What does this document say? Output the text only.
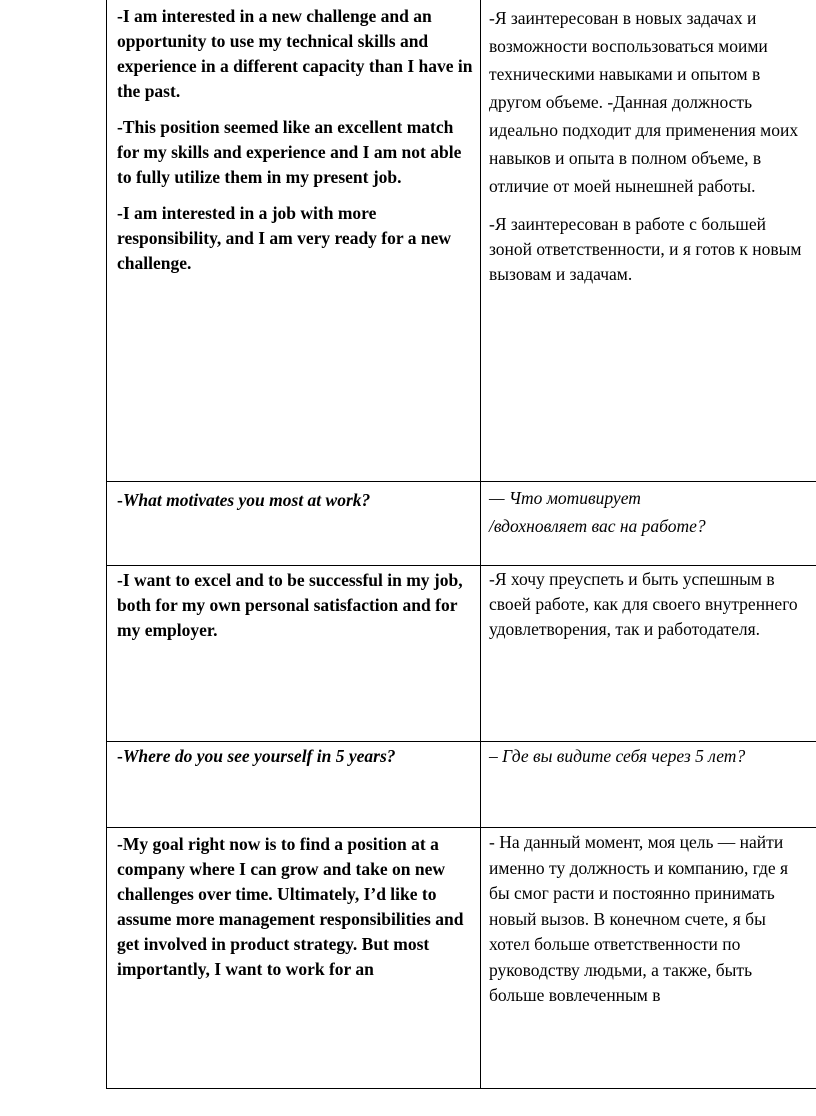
-I am interested in a new challenge and an opportunity to use my technical skills and experience in a different capacity than I have in the past.

-This position seemed like an excellent match for my skills and experience and I am not able to fully utilize them in my present job.

-I am interested in a job with more responsibility, and I am very ready for a new challenge.

-Я заинтересован в новых задачах и
возможности воспользоваться моими
техническими навыками и опытом в
другом объеме. -Данная должность
идеально подходит для применения моих
навыков и опыта в полном объеме, в
отличие от моей нынешней работы.
-Я заинтересован в работе с большей
зоной ответственности, и я готов к новым
вызовам и задачам.
-What motivates you most at work?	— Что мотивирует
/вдохновляет вас на работе?

-I want to excel and to be successful in my job, both for my own personal satisfaction and for my employer.

-Я хочу преуспеть и быть успешным в
своей работе, как для своего внутреннего
удовлетворения, так и работодателя.
-Where do you see yourself in 5 years?	– Где вы видите себя через 5 лет?

-My goal right now is to find a position at a company where I can grow and take on new challenges over time. Ultimately, I’d like to assume more management responsibilities and get involved in product strategy. But most importantly, I want to work for an

- На данный момент, моя цель — найти
именно ту должность и компанию, где я
бы смог расти и постоянно принимать
новый вызов. В конечном счете, я бы
хотел больше ответственности по
руководству людьми, а также, быть
больше вовлеченным в
